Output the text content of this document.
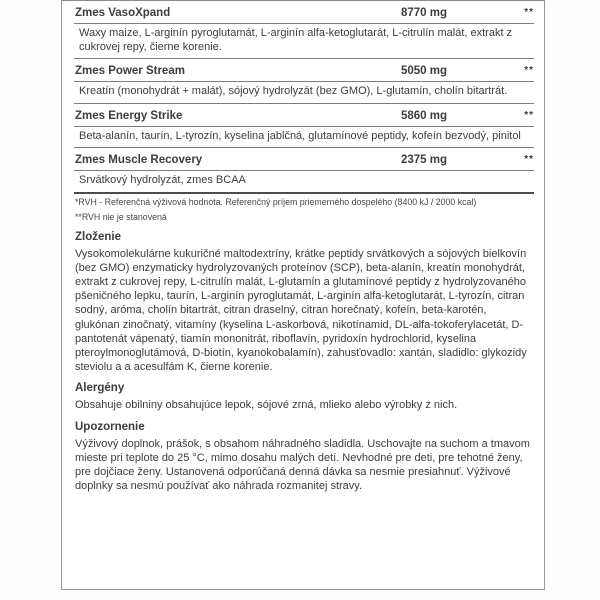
Zmes VasoXpand	8770 mg	**
Waxy maize, L-arginín pyroglutamát, L-arginín alfa-ketoglutarát, L-citrulín malát, extrakt z cukrovej repy, čierne korenie.
Zmes Power Stream	5050 mg	**
Kreatín (monohydrát + malát), sójový hydrolyzát (bez GMO), L-glutamín, cholín bitartrát.
Zmes Energy Strike	5860 mg	**
Beta-alanín, taurín, L-tyrozín, kyselina jablčná, glutamínové peptidy, kofeín bezvodý, pinitol
Zmes Muscle Recovery	2375 mg	**
Srvátkový hydrolyzát, zmes BCAA
*RVH - Referenčná výživová hodnota. Referenčný príjem priemerného dospelého (8400 kJ / 2000 kcal)
**RVH nie je stanovená
Zloženie
Vysokomolekulárne kukuričné maltodextríny, krátke peptidy srvátkových a sójových bielkovín (bez GMO) enzymaticky hydrolyzovaných proteínov (SCP), beta-alanín, kreatín monohydrát, extrakt z cukrovej repy, L-citrulín malát, L-glutamín a glutamínové peptidy z hydrolyzovaného pšeničného lepku, taurín, L-arginín pyroglutamát, L-arginín alfa-ketoglutarát, L-tyrozín, citran sodný, aróma, cholín bitartrát, citran draselný, citran horečnatý, kofeín, beta-karotén, glukónan zinočnatý, vitamíny (kyselina L-askorbová, nikotínamid, DL-alfa-tokoferylacetát, D-pantotenát vápenatý, tiamín mononitrát, riboflavín, pyridoxín hydrochlorid, kyselina pteroylmonoglutámová, D-biotín, kyanokobalamín), zahusťovadlo: xantán, sladidlo: glykozidy steviolu a a acesulfám K, čierne korenie.
Alergény
Obsahuje obilniny obsahujúce lepok, sójové zrná, mlieko alebo výrobky z nich.
Upozornenie
Výživový doplnok, prášok, s obsahom náhradného sladidla. Uschovajte na suchom a tmavom mieste pri teplote do 25 °C, mimo dosahu malých detí. Nevhodné pre deti, pre tehotné ženy, pre dojčiace ženy. Ustanovená odporúčaná denná dávka sa nesmie presiahnuť. Výživové doplnky sa nesmú používať ako náhrada rozmanitej stravy.
